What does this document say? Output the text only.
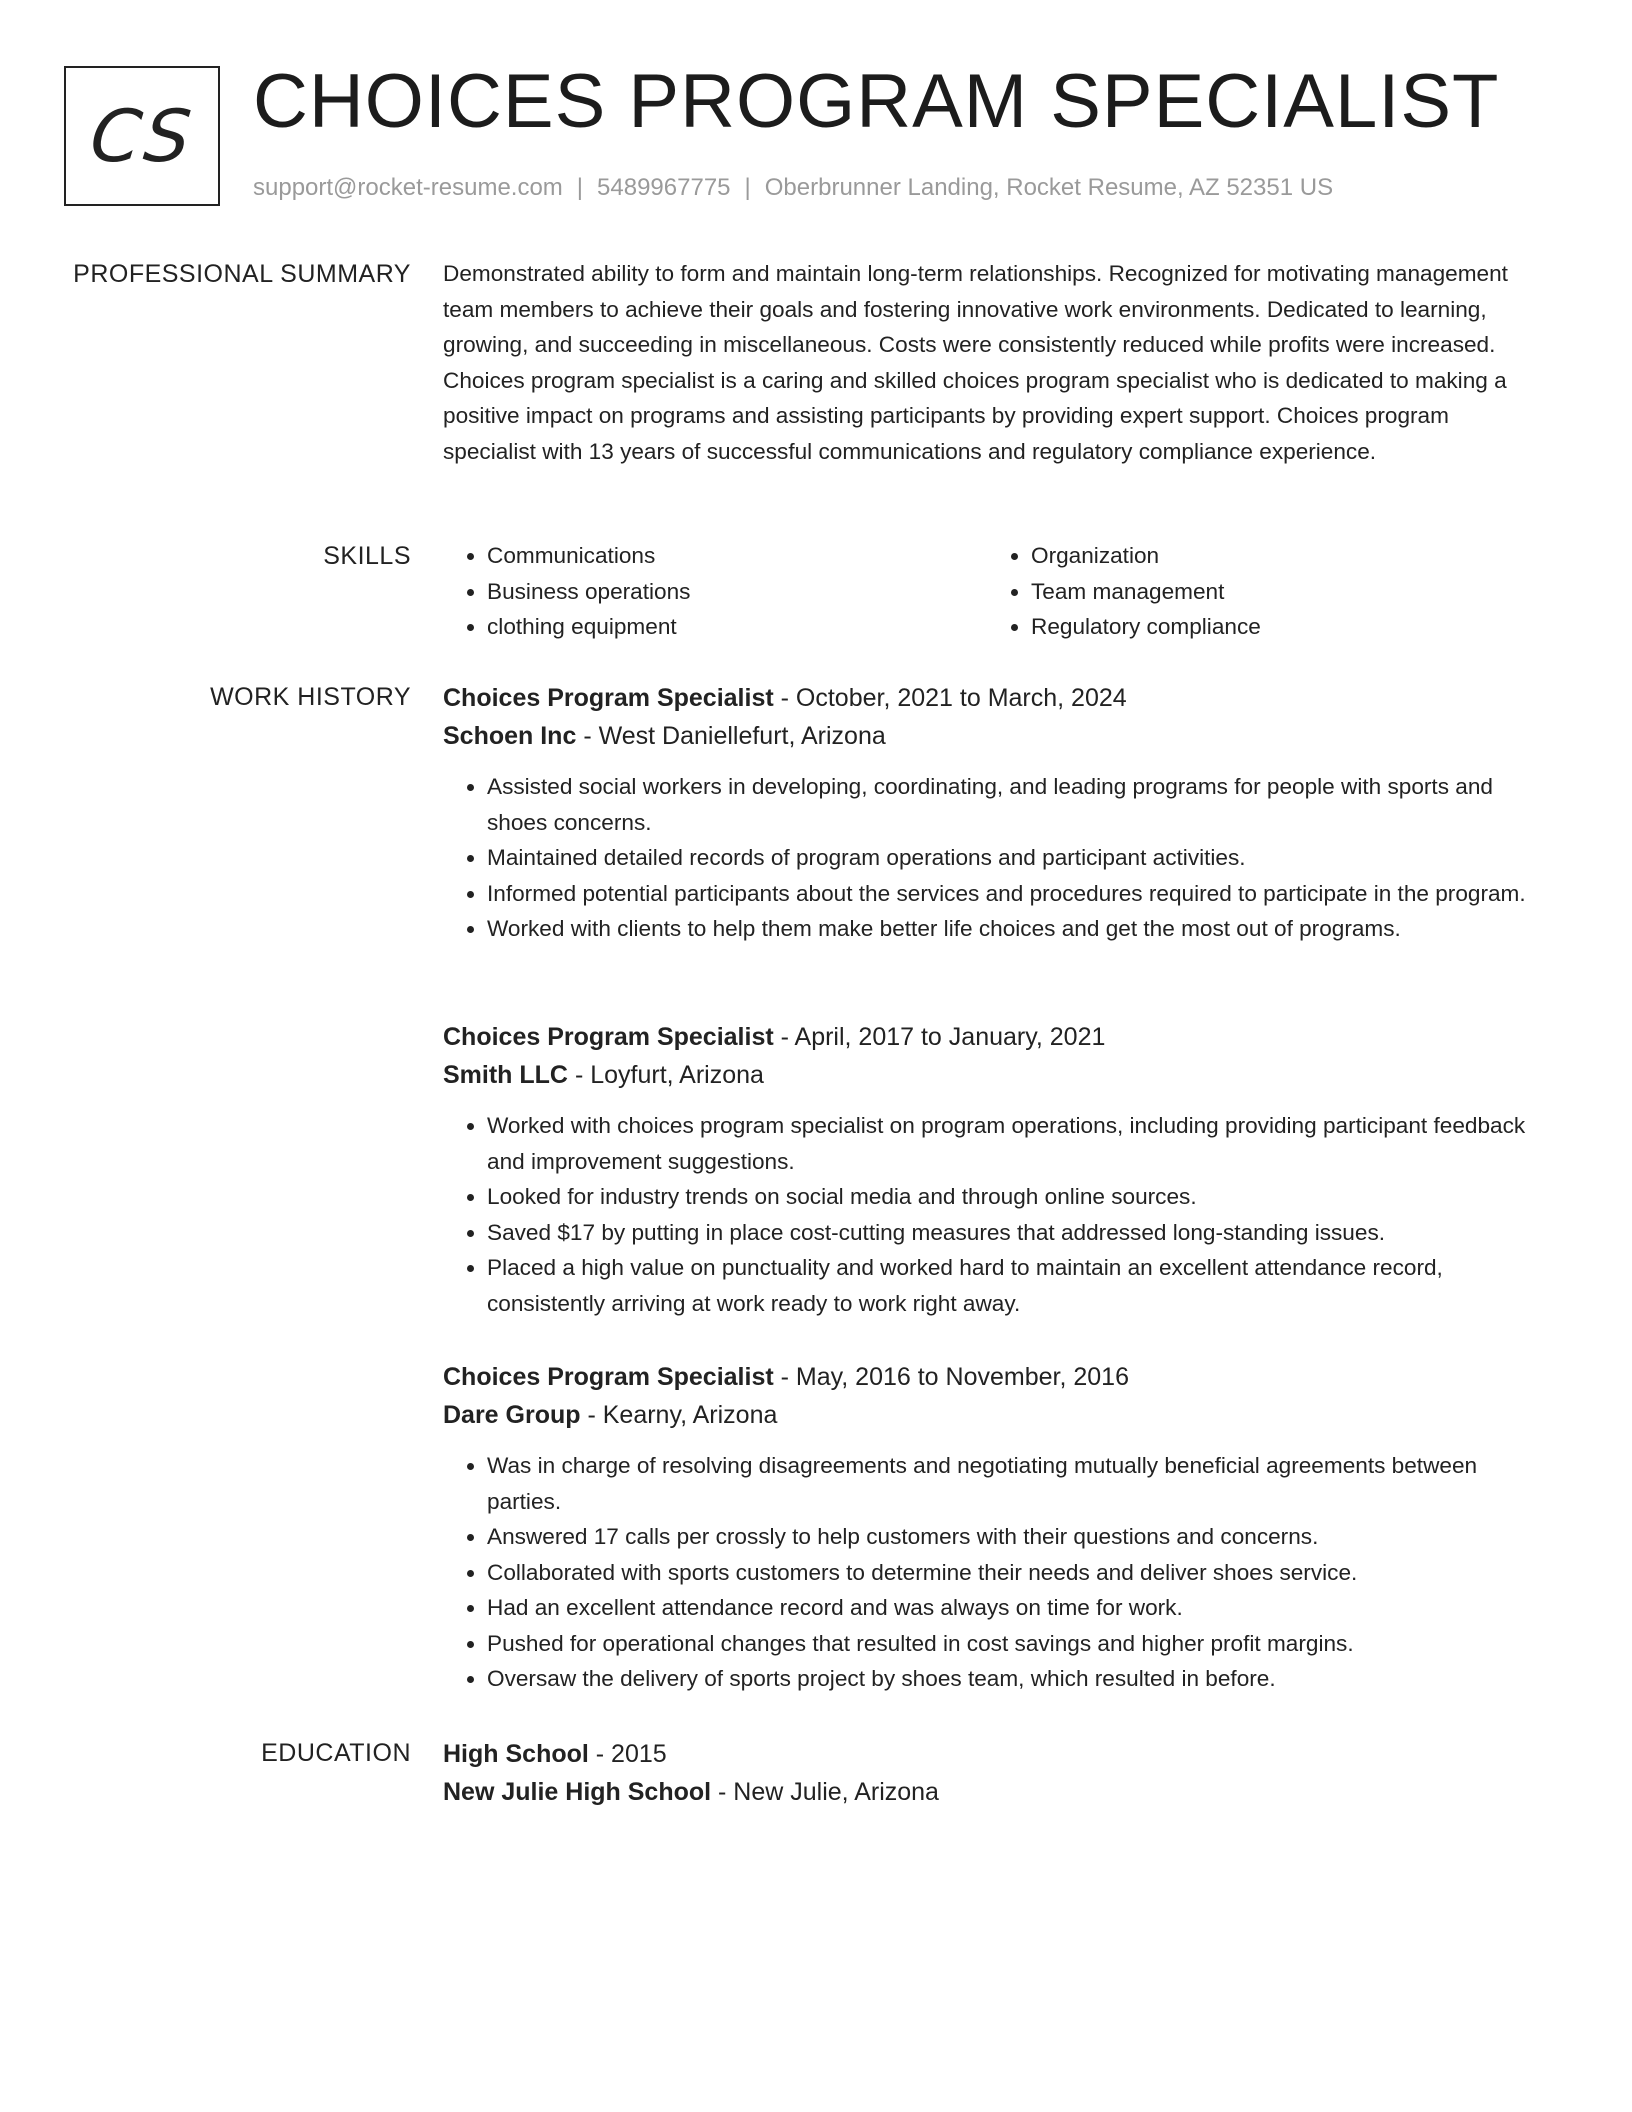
CS CHOICES PROGRAM SPECIALIST
support@rocket-resume.com | 5489967775 | Oberbrunner Landing, Rocket Resume, AZ 52351 US
PROFESSIONAL SUMMARY Demonstrated ability to form and maintain long-term relationships. Recognized for motivating management team members to achieve their goals and fostering innovative work environments. Dedicated to learning, growing, and succeeding in miscellaneous. Costs were consistently reduced while profits were increased. Choices program specialist is a caring and skilled choices program specialist who is dedicated to making a positive impact on programs and assisting participants by providing expert support. Choices program specialist with 13 years of successful communications and regulatory compliance experience.

SKILLS
•	Communications
• Business operations
• clothing equipment
• Organization
• Team management
• Regulatory compliance
WORK HISTORY Choices Program Specialist - October, 2021 to March, 2024
Schoen Inc - West Daniellefurt, Arizona
• Assisted social workers in developing, coordinating, and leading programs for people with sports and shoes concerns.
• Maintained detailed records of program operations and participant activities.
• Informed potential participants about the services and procedures required to participate in the program.
• Worked with clients to help them make better life choices and get the most out of programs.
Choices Program Specialist - April, 2017 to January, 2021
Smith LLC - Loyfurt, Arizona
• Worked with choices program specialist on program operations, including providing participant feedback and improvement suggestions.
• Looked for industry trends on social media and through online sources.
• Saved $17 by putting in place cost-cutting measures that addressed long-standing issues.
• Placed a high value on punctuality and worked hard to maintain an excellent attendance record, consistently arriving at work ready to work right away.
Choices Program Specialist - May, 2016 to November, 2016
Dare Group - Kearny, Arizona
• Was in charge of resolving disagreements and negotiating mutually beneficial agreements between parties.
• Answered 17 calls per crossly to help customers with their questions and concerns.
• Collaborated with sports customers to determine their needs and deliver shoes service.
• Had an excellent attendance record and was always on time for work.
• Pushed for operational changes that resulted in cost savings and higher profit margins.
• Oversaw the delivery of sports project by shoes team, which resulted in before.
EDUCATION High School - 2015
New Julie High School - New Julie, Arizona
